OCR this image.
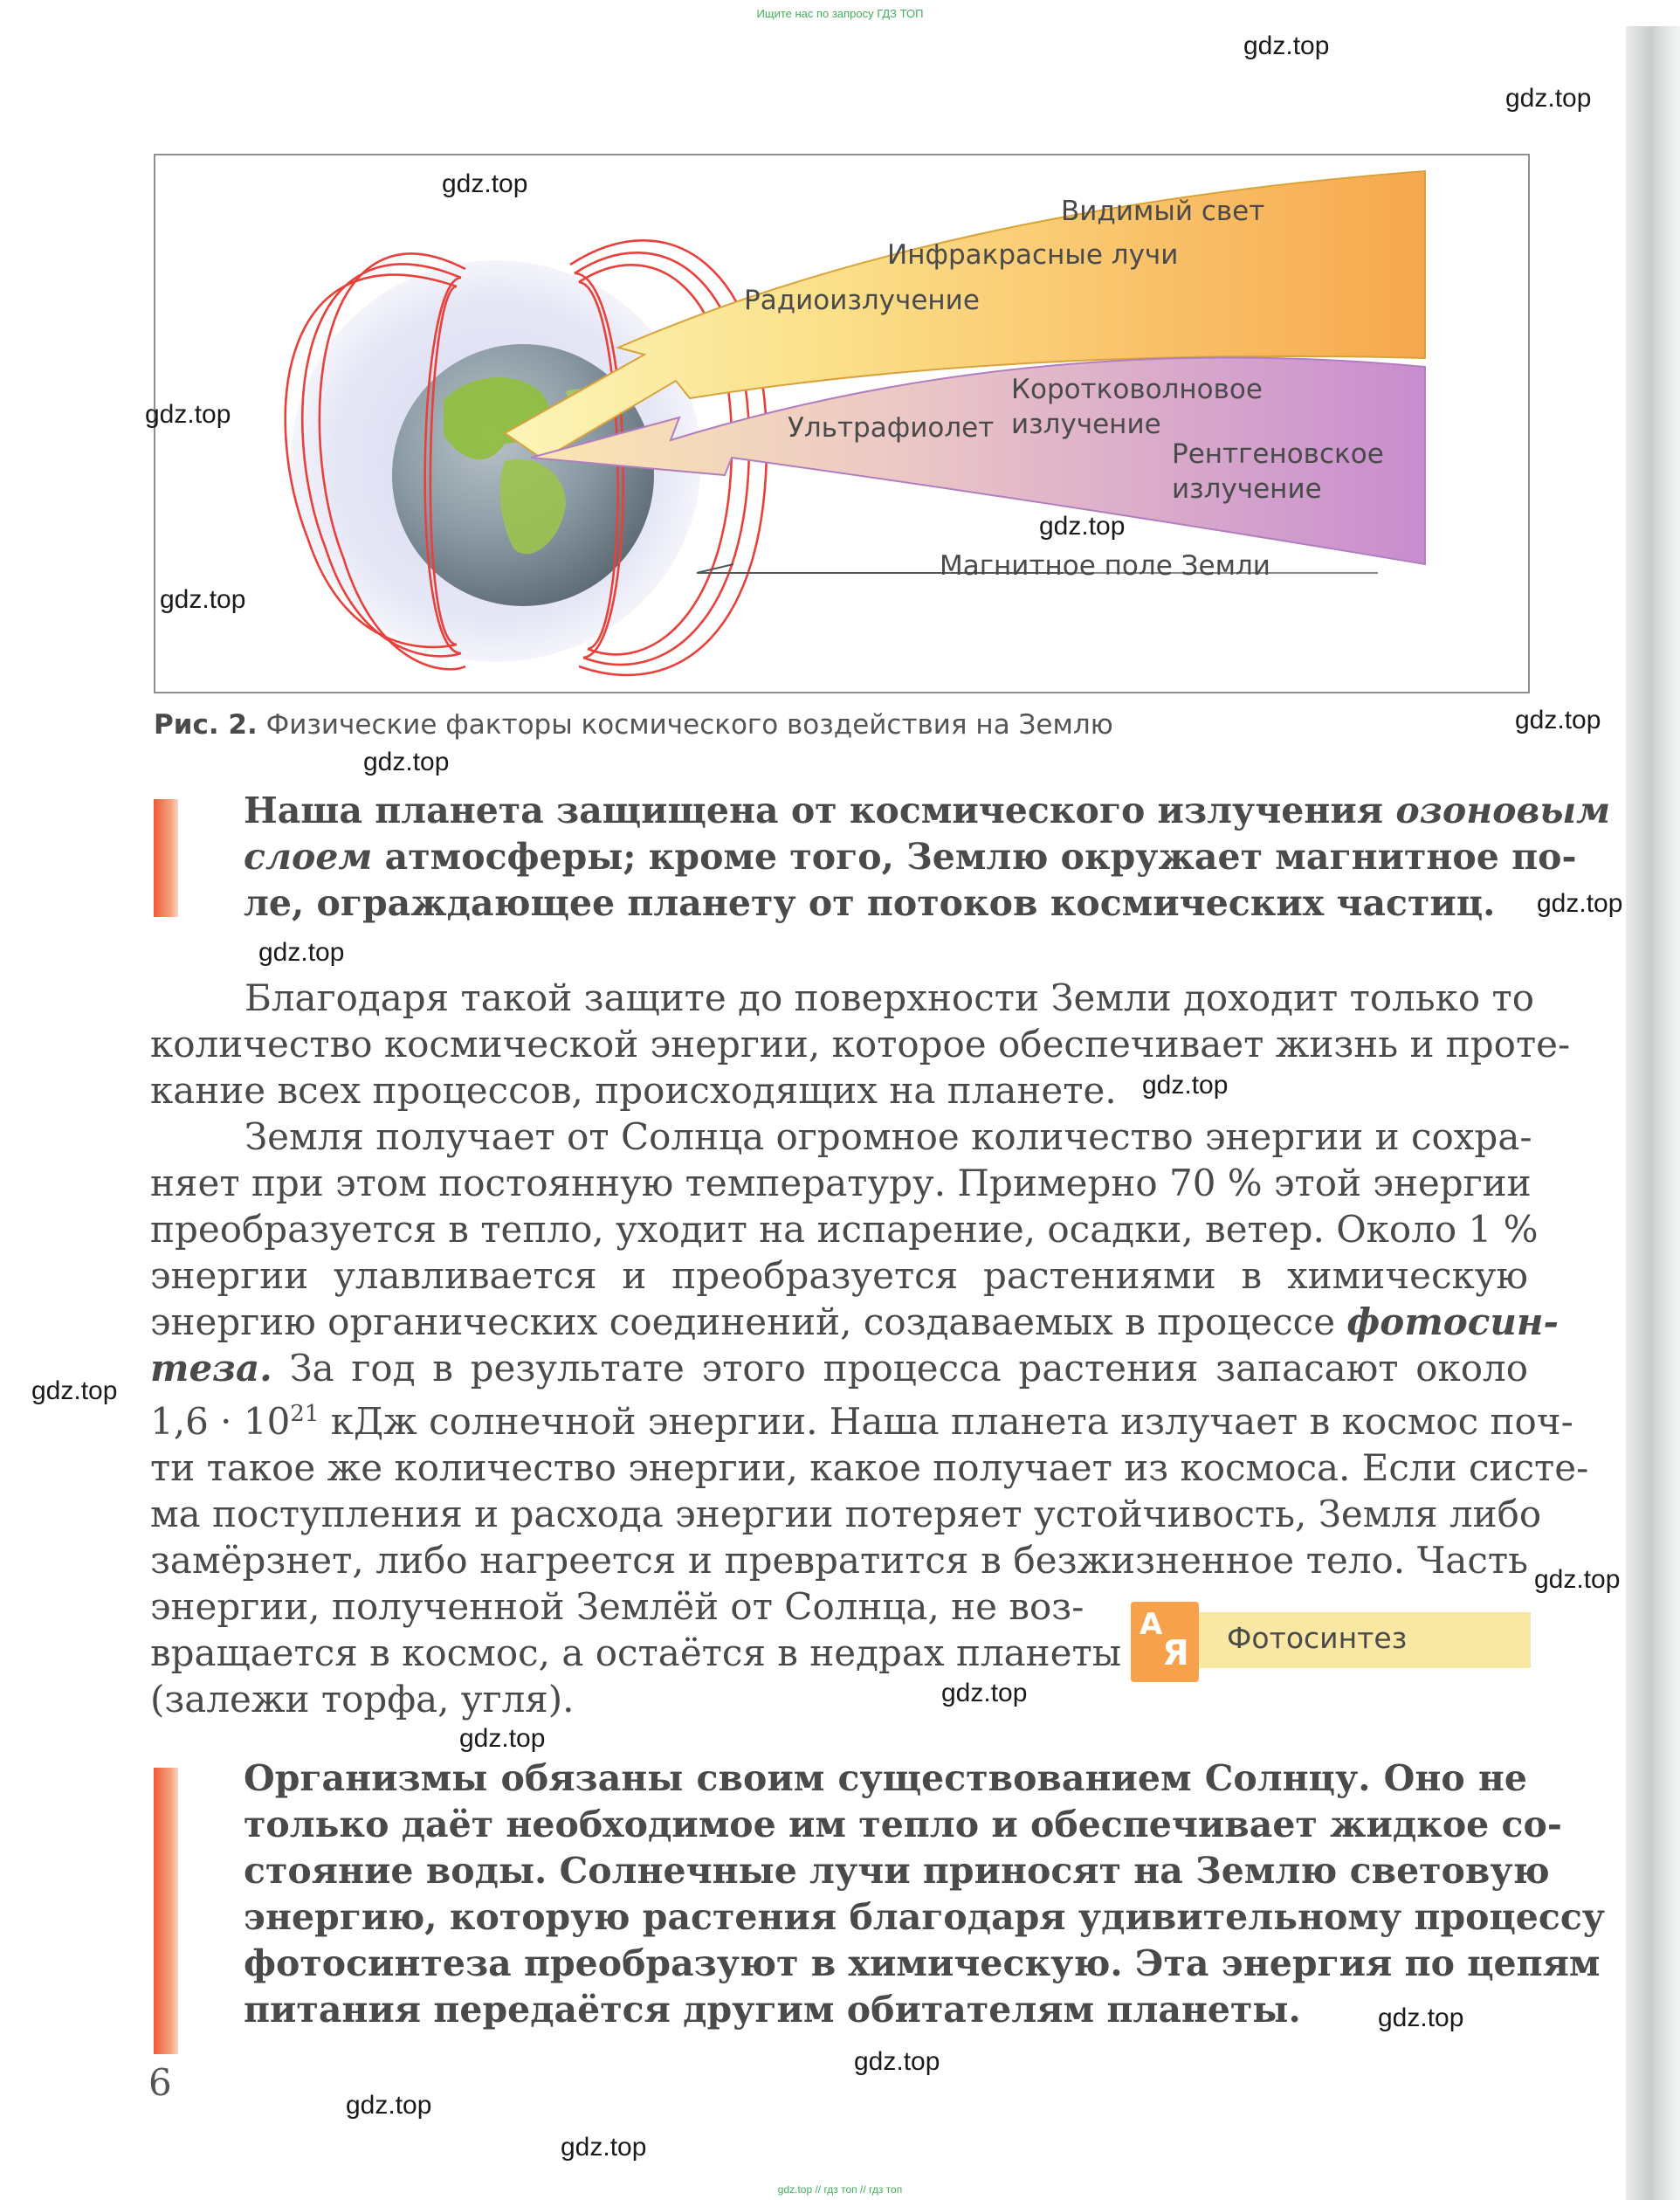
Ищите нас по запросу ГДЗ ТОП
Видимый свет
Инфракрасные лучи
Радиоизлучение
Коротковолновое
излучение
Ультрафиолет
Рентгеновское
излучение
Магнитное поле Земли
Рис. 2. Физические факторы космического воздействия на Землю
Наша планета защищена от космического излучения озоновым
слоем атмосферы; кроме того, Землю окружает магнитное по-
ле, ограждающее планету от потоков космических частиц.
Благодаря такой защите до поверхности Земли доходит только то
количество космической энергии, которое обеспечивает жизнь и проте-
кание всех процессов, происходящих на планете.
Земля получает от Солнца огромное количество энергии и сохра-
няет при этом постоянную температуру. Примерно 70 % этой энергии
преобразуется в тепло, уходит на испарение, осадки, ветер. Около 1 %
энергии улавливается и преобразуется растениями в химическую
энергию органических соединений, создаваемых в процессе фотосин-
теза. За год в результате этого процесса растения запасают около
$1,6 \cdot 10^{21}$ кДж солнечной энергии. Наша планета излучает в космос поч-
ти такое же количество энергии, какое получает из космоса. Если систе-
ма поступления и расхода энергии потеряет устойчивость, Земля либо
замёрзнет, либо нагреется и превратится в безжизненное тело. Часть
энергии, полученной Землёй от Солнца, не воз-
вращается в космос, а остаётся в недрах планеты
(залежи торфа, угля).
А
Я Фотосинтез
Организмы обязаны своим существованием Солнцу. Оно не
только даёт необходимое им тепло и обеспечивает жидкое со-
стояние воды. Солнечные лучи приносят на Землю световую
энергию, которую растения благодаря удивительному процессу
фотосинтеза преобразуют в химическую. Эта энергия по цепям
питания передаётся другим обитателям планеты.
6
gdz.top
gdz.top
gdz.top
gdz.top
gdz.top
gdz.top
gdz.top
gdz.top
gdz.top
gdz.top
gdz.top
gdz.top
gdz.top
gdz.top
gdz.top
gdz.top
gdz.top
gdz.top
gdz.top
gdz.top // гдз топ // гдз топ
